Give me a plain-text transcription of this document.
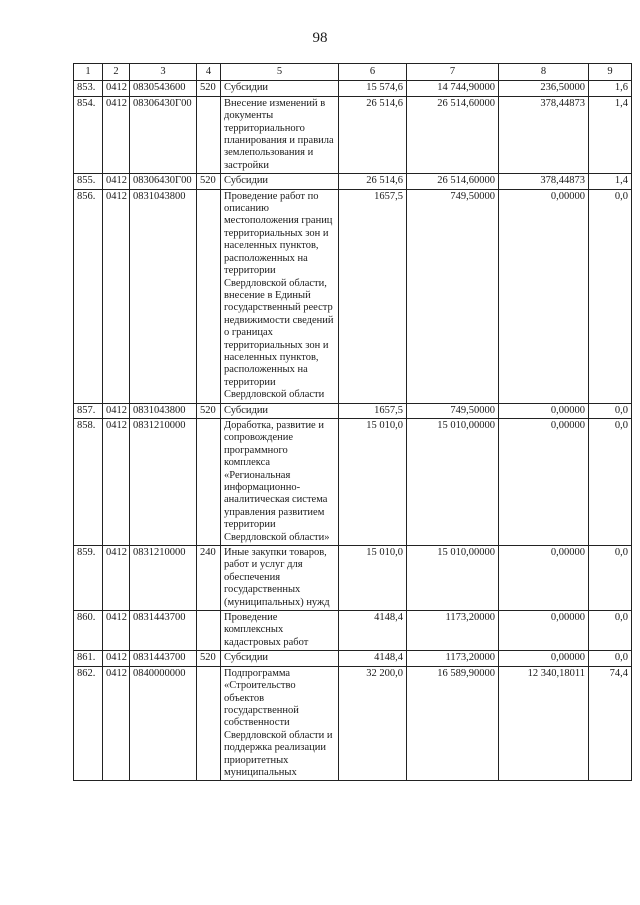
98
1	2	3	4	5	6	7	8	9
853.	0412	0830543600	520	Субсидии	15 574,6	14 744,90000	236,50000	1,6
854.	0412	08306430Г00		Внесение изменений в документы территориального планирования и правила землепользования и застройки	26 514,6	26 514,60000	378,44873	1,4
855.	0412	08306430Г00	520	Субсидии	26 514,6	26 514,60000	378,44873	1,4
856.	0412	0831043800		Проведение работ по описанию местоположения границ территориальных зон и населенных пунктов, расположенных на территории Свердловской области, внесение в Единый государственный реестр недвижимости сведений о границах территориальных зон и населенных пунктов, расположенных на территории Свердловской области	1657,5	749,50000	0,00000	0,0
857.	0412	0831043800	520	Субсидии	1657,5	749,50000	0,00000	0,0
858.	0412	0831210000		Доработка, развитие и сопровождение программного комплекса «Региональная информационно-аналитическая система управления развитием территории Свердловской области»	15 010,0	15 010,00000	0,00000	0,0
859.	0412	0831210000	240	Иные закупки товаров, работ и услуг для обеспечения государственных (муниципальных) нужд	15 010,0	15 010,00000	0,00000	0,0
860.	0412	0831443700		Проведение комплексных кадастровых работ	4148,4	1173,20000	0,00000	0,0
861.	0412	0831443700	520	Субсидии	4148,4	1173,20000	0,00000	0,0
862.	0412	0840000000		Подпрограмма «Строительство объектов государственной собственности Свердловской области и поддержка реализации приоритетных муниципальных	32 200,0	16 589,90000	12 340,18011	74,4
